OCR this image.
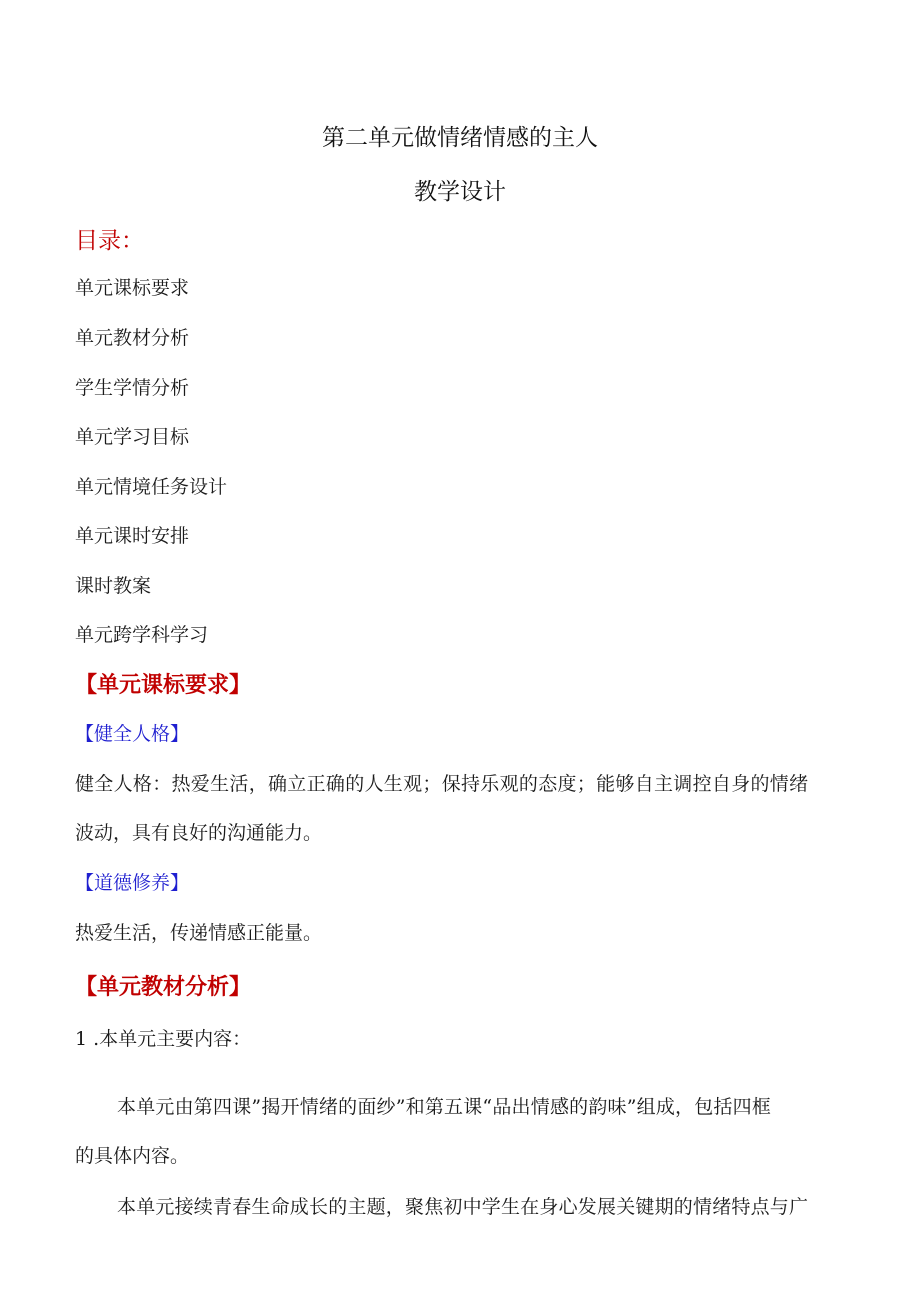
第二单元做情绪情感的主人
教学设计
目录：
单元课标要求
单元教材分析
学生学情分析
单元学习目标
单元情境任务设计
单元课时安排
课时教案
单元跨学科学习
【单元课标要求】
【健全人格】
健全人格：热爱生活，确立正确的人生观；保持乐观的态度；能够自主调控自身的情绪
波动，具有良好的沟通能力。
【道德修养】
热爱生活，传递情感正能量。
【单元教材分析】
1 .本单元主要内容：
本单元由第四课”揭开情绪的面纱”和第五课“品出情感的韵味”组成，包括四框
的具体内容。
本单元接续青春生命成长的主题，聚焦初中学生在身心发展关键期的情绪特点与广
